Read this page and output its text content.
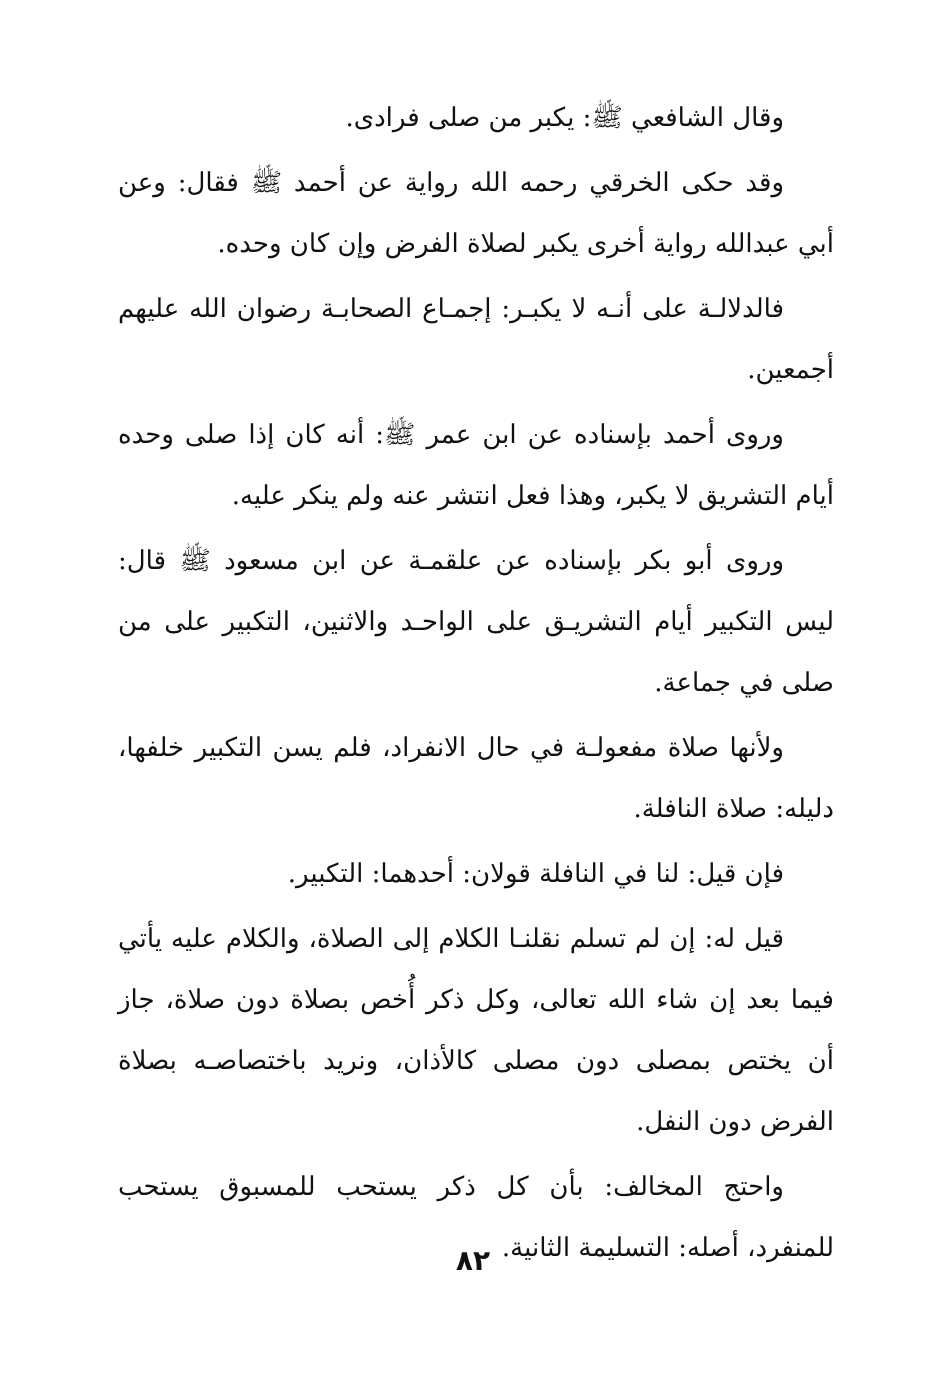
وقال الشافعي ﷺ: يكبر من صلى فرادى.

وقد حكى الخرقي رحمه الله رواية عن أحمد ﷺ فقال: وعن أبي عبدالله رواية أخرى يكبر لصلاة الفرض وإن كان وحده.

فالدلالـة على أنـه لا يكبـر: إجمـاع الصحابـة رضوان الله عليهم أجمعين.

وروى أحمد بإسناده عن ابن عمر ﷺ: أنه كان إذا صلى وحده أيام التشريق لا يكبر، وهذا فعل انتشر عنه ولم ينكر عليه.

وروى أبو بكر بإسناده عن علقمـة عن ابن مسعود ﷺ قال: ليس التكبير أيام التشريـق على الواحـد والاثنين، التكبير على من صلى في جماعة.

ولأنها صلاة مفعولـة في حال الانفراد، فلم يسن التكبير خلفها، دليله: صلاة النافلة.

فإن قيل: لنا في النافلة قولان: أحدهما: التكبير.

قيل له: إن لم تسلم نقلنـا الكلام إلى الصلاة، والكلام عليه يأتي فيما بعد إن شاء الله تعالى، وكل ذكر أُخص بصلاة دون صلاة، جاز أن يختص بمصلى دون مصلى كالأذان، ونريد باختصاصـه بصلاة الفرض دون النفل.

واحتج المخالف: بأن كل ذكر يستحب للمسبوق يستحب للمنفرد، أصله: التسليمة الثانية.

٨٢
